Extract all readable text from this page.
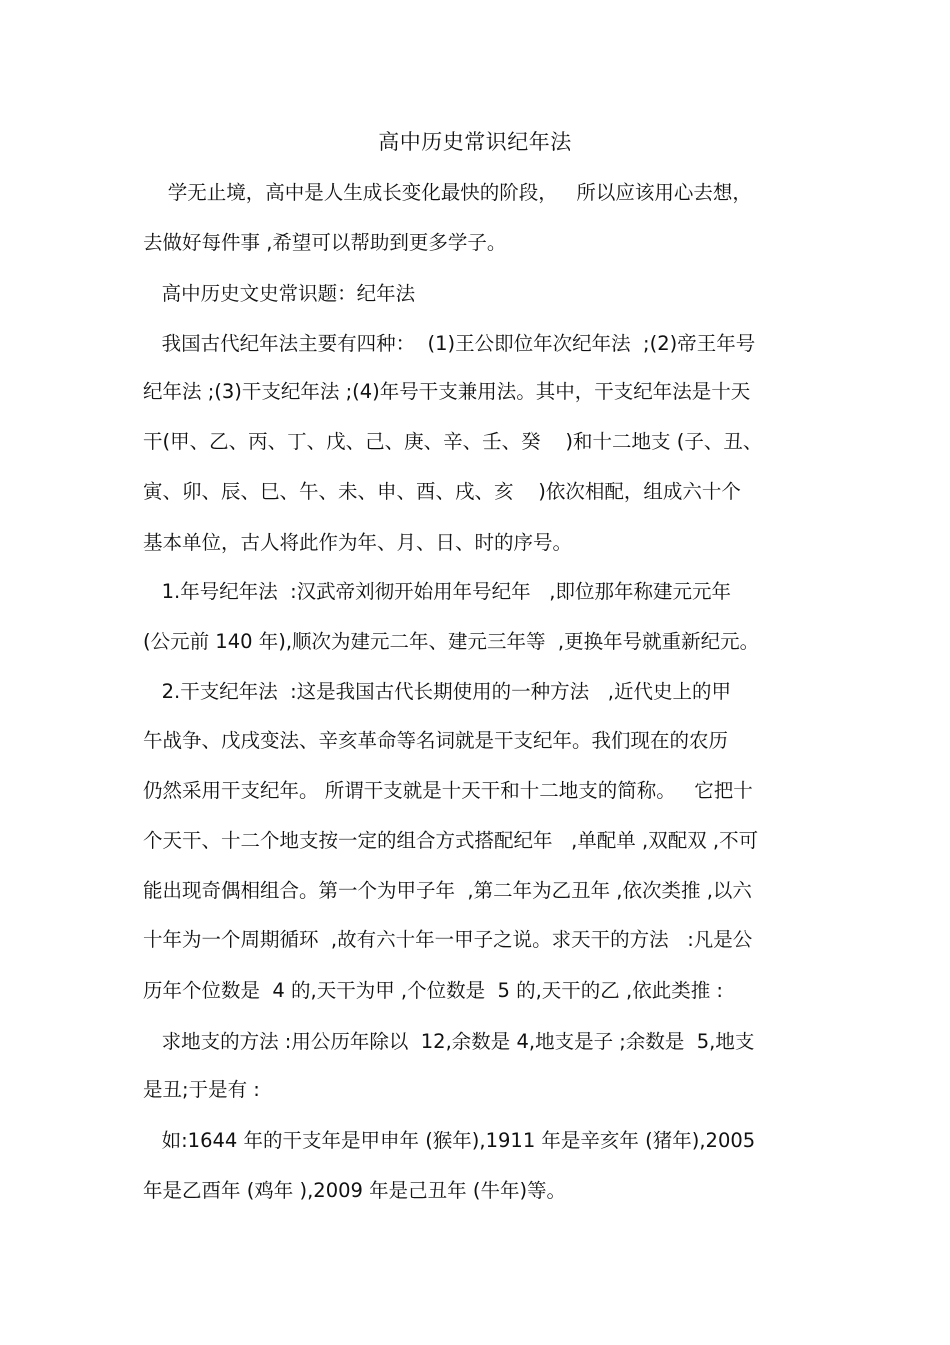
高中历史常识纪年法
学无止境，高中是人生成长变化最快的阶段，   所以应该用心去想，
去做好每件事 ,希望可以帮助到更多学子。
高中历史文史常识题：纪年法
我国古代纪年法主要有四种：  (1)王公即位年次纪年法  ;(2)帝王年号
纪年法 ;(3)干支纪年法 ;(4)年号干支兼用法。其中，干支纪年法是十天
干(甲、乙、丙、丁、戊、己、庚、辛、壬、癸    )和十二地支 (子、丑、
寅、卯、辰、巳、午、未、申、酉、戌、亥    )依次相配，组成六十个
基本单位，古人将此作为年、月、日、时的序号。
1.年号纪年法  :汉武帝刘彻开始用年号纪年   ,即位那年称建元元年
(公元前 140 年),顺次为建元二年、建元三年等  ,更换年号就重新纪元。
2.干支纪年法  :这是我国古代长期使用的一种方法   ,近代史上的甲
午战争、戊戌变法、辛亥革命等名词就是干支纪年。我们现在的农历
仍然采用干支纪年。 所谓干支就是十天干和十二地支的简称。   它把十
个天干、十二个地支按一定的组合方式搭配纪年   ,单配单 ,双配双 ,不可
能出现奇偶相组合。第一个为甲子年  ,第二年为乙丑年 ,依次类推 ,以六
十年为一个周期循环  ,故有六十年一甲子之说。求天干的方法   :凡是公
历年个位数是  4 的,天干为甲 ,个位数是  5 的,天干的乙 ,依此类推 :
求地支的方法 :用公历年除以  12,余数是 4,地支是子 ;余数是  5,地支
是丑;于是有 :
如:1644 年的干支年是甲申年 (猴年),1911 年是辛亥年 (猪年),2005
年是乙酉年 (鸡年 ),2009 年是己丑年 (牛年)等。
